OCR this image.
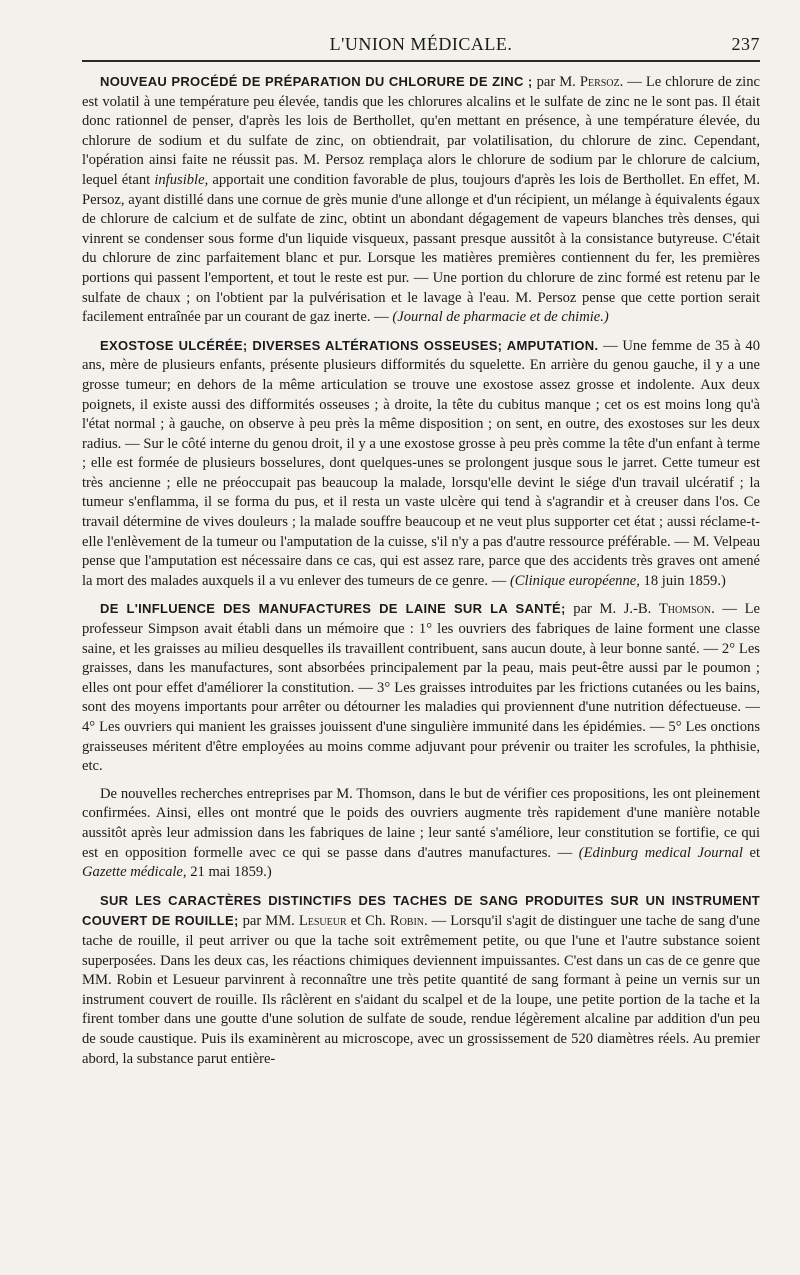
L'UNION MÉDICALE.	237

NOUVEAU PROCÉDÉ DE PRÉPARATION DU CHLORURE DE ZINC ; par M. Persoz. — Le chlorure de zinc est volatil à une température peu élevée, tandis que les chlorures alcalins et le sulfate de zinc ne le sont pas. Il était donc rationnel de penser, d'après les lois de Berthollet, qu'en mettant en présence, à une température élevée, du chlorure de sodium et du sulfate de zinc, on obtiendrait, par volatilisation, du chlorure de zinc. Cependant, l'opération ainsi faite ne réussit pas. M. Persoz remplaça alors le chlorure de sodium par le chlorure de calcium, lequel étant infusible, apportait une condition favorable de plus, toujours d'après les lois de Berthollet. En effet, M. Persoz, ayant distillé dans une cornue de grès munie d'une allonge et d'un récipient, un mélange à équivalents égaux de chlorure de calcium et de sulfate de zinc, obtint un abondant dégagement de vapeurs blanches très denses, qui vinrent se condenser sous forme d'un liquide visqueux, passant presque aussitôt à la consistance butyreuse. C'était du chlorure de zinc parfaitement blanc et pur. Lorsque les matières premières contiennent du fer, les premières portions qui passent l'emportent, et tout le reste est pur. — Une portion du chlorure de zinc formé est retenu par le sulfate de chaux ; on l'obtient par la pulvérisation et le lavage à l'eau. M. Persoz pense que cette portion serait facilement entraînée par un courant de gaz inerte. — (Journal de pharmacie et de chimie.)

EXOSTOSE ULCÉRÉE; DIVERSES ALTÉRATIONS OSSEUSES; AMPUTATION. — Une femme de 35 à 40 ans, mère de plusieurs enfants, présente plusieurs difformités du squelette. En arrière du genou gauche, il y a une grosse tumeur; en dehors de la même articulation se trouve une exostose assez grosse et indolente. Aux deux poignets, il existe aussi des difformités osseuses ; à droite, la tête du cubitus manque ; cet os est moins long qu'à l'état normal ; à gauche, on observe à peu près la même disposition ; on sent, en outre, des exostoses sur les deux radius. — Sur le côté interne du genou droit, il y a une exostose grosse à peu près comme la tête d'un enfant à terme ; elle est formée de plusieurs bosselures, dont quelques-unes se prolongent jusque sous le jarret. Cette tumeur est très ancienne ; elle ne préoccupait pas beaucoup la malade, lorsqu'elle devint le siége d'un travail ulcératif ; la tumeur s'enflamma, il se forma du pus, et il resta un vaste ulcère qui tend à s'agrandir et à creuser dans l'os. Ce travail détermine de vives douleurs ; la malade souffre beaucoup et ne veut plus supporter cet état ; aussi réclame-t-elle l'enlèvement de la tumeur ou l'amputation de la cuisse, s'il n'y a pas d'autre ressource préférable. — M. Velpeau pense que l'amputation est nécessaire dans ce cas, qui est assez rare, parce que des accidents très graves ont amené la mort des malades auxquels il a vu enlever des tumeurs de ce genre. — (Clinique européenne, 18 juin 1859.)

DE L'INFLUENCE DES MANUFACTURES DE LAINE SUR LA SANTÉ; par M. J.-B. Thomson. — Le professeur Simpson avait établi dans un mémoire que : 1° les ouvriers des fabriques de laine forment une classe saine, et les graisses au milieu desquelles ils travaillent contribuent, sans aucun doute, à leur bonne santé. — 2° Les graisses, dans les manufactures, sont absorbées principalement par la peau, mais peut-être aussi par le poumon ; elles ont pour effet d'améliorer la constitution. — 3° Les graisses introduites par les frictions cutanées ou les bains, sont des moyens importants pour arrêter ou détourner les maladies qui proviennent d'une nutrition défectueuse. — 4° Les ouvriers qui manient les graisses jouissent d'une singulière immunité dans les épidémies. — 5° Les onctions graisseuses méritent d'être employées au moins comme adjuvant pour prévenir ou traiter les scrofules, la phthisie, etc.

De nouvelles recherches entreprises par M. Thomson, dans le but de vérifier ces propositions, les ont pleinement confirmées. Ainsi, elles ont montré que le poids des ouvriers augmente très rapidement d'une manière notable aussitôt après leur admission dans les fabriques de laine ; leur santé s'améliore, leur constitution se fortifie, ce qui est en opposition formelle avec ce qui se passe dans d'autres manufactures. — (Edinburg medical Journal et Gazette médicale, 21 mai 1859.)

SUR LES CARACTÈRES DISTINCTIFS DES TACHES DE SANG PRODUITES SUR UN INSTRUMENT COUVERT DE ROUILLE; par MM. Lesueur et Ch. Robin. — Lorsqu'il s'agit de distinguer une tache de sang d'une tache de rouille, il peut arriver ou que la tache soit extrêmement petite, ou que l'une et l'autre substance soient superposées. Dans les deux cas, les réactions chimiques deviennent impuissantes. C'est dans un cas de ce genre que MM. Robin et Lesueur parvinrent à reconnaître une très petite quantité de sang formant à peine un vernis sur un instrument couvert de rouille. Ils râclèrent en s'aidant du scalpel et de la loupe, une petite portion de la tache et la firent tomber dans une goutte d'une solution de sulfate de soude, rendue légèrement alcaline par addition d'un peu de soude caustique. Puis ils examinèrent au microscope, avec un grossissement de 520 diamètres réels. Au premier abord, la substance parut entière-
